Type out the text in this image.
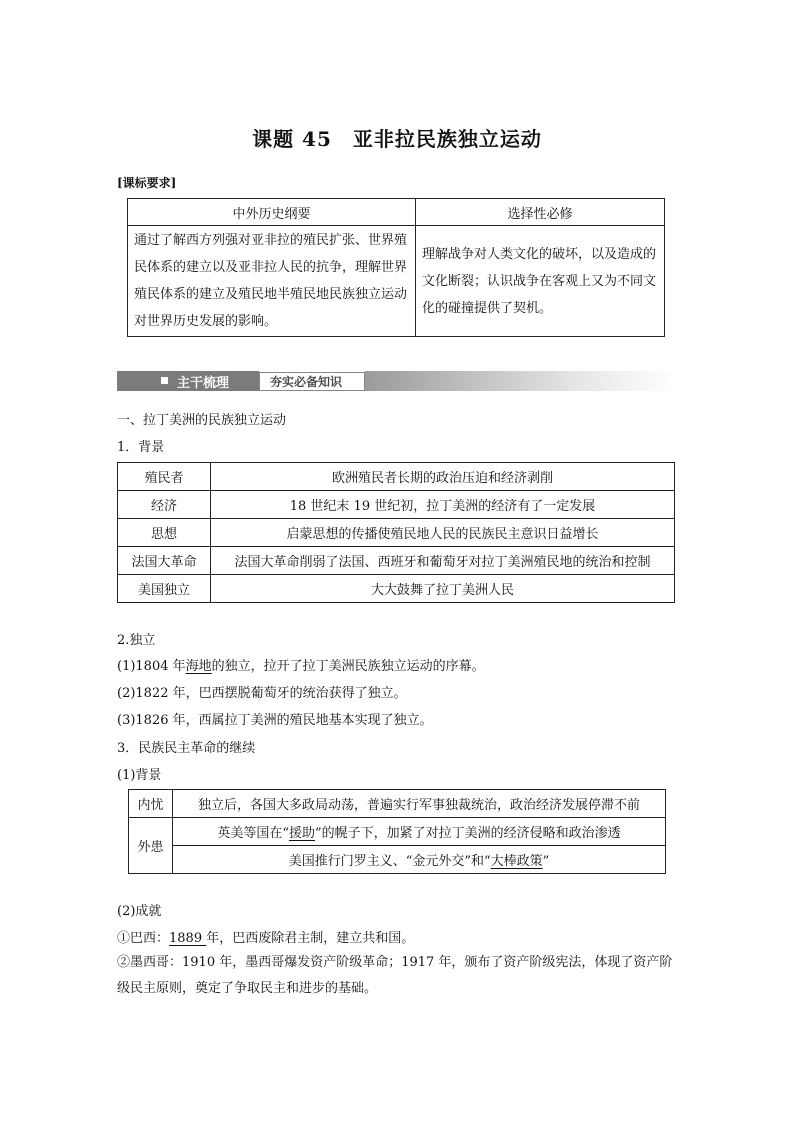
课题 45　亚非拉民族独立运动
[课标要求]
中外历史纲要	选择性必修
通过了解西方列强对亚非拉的殖民扩张、世界殖民体系的建立以及亚非拉人民的抗争，理解世界殖民体系的建立及殖民地半殖民地民族独立运动对世界历史发展的影响。	理解战争对人类文化的破坏，以及造成的文化断裂；认识战争在客观上又为不同文化的碰撞提供了契机。
主干梳理	夯实必备知识
一、拉丁美洲的民族独立运动
1．背景
殖民者	欧洲殖民者长期的政治压迫和经济剥削
经济	18 世纪末 19 世纪初，拉丁美洲的经济有了一定发展
思想	启蒙思想的传播使殖民地人民的民族民主意识日益增长
法国大革命	法国大革命削弱了法国、西班牙和葡萄牙对拉丁美洲殖民地的统治和控制
美国独立	大大鼓舞了拉丁美洲人民
2.独立
(1)1804 年海地的独立，拉开了拉丁美洲民族独立运动的序幕。
(2)1822 年，巴西摆脱葡萄牙的统治获得了独立。
(3)1826 年，西属拉丁美洲的殖民地基本实现了独立。
3．民族民主革命的继续
(1)背景
内忧	独立后，各国大多政局动荡，普遍实行军事独裁统治，政治经济发展停滞不前
外患	英美等国在“援助”的幌子下，加紧了对拉丁美洲的经济侵略和政治渗透
	美国推行门罗主义、“金元外交”和“大棒政策”
(2)成就
①巴西：1889 年，巴西废除君主制，建立共和国。
②墨西哥：1910 年，墨西哥爆发资产阶级革命；1917 年，颁布了资产阶级宪法，体现了资产阶级民主原则，奠定了争取民主和进步的基础。
